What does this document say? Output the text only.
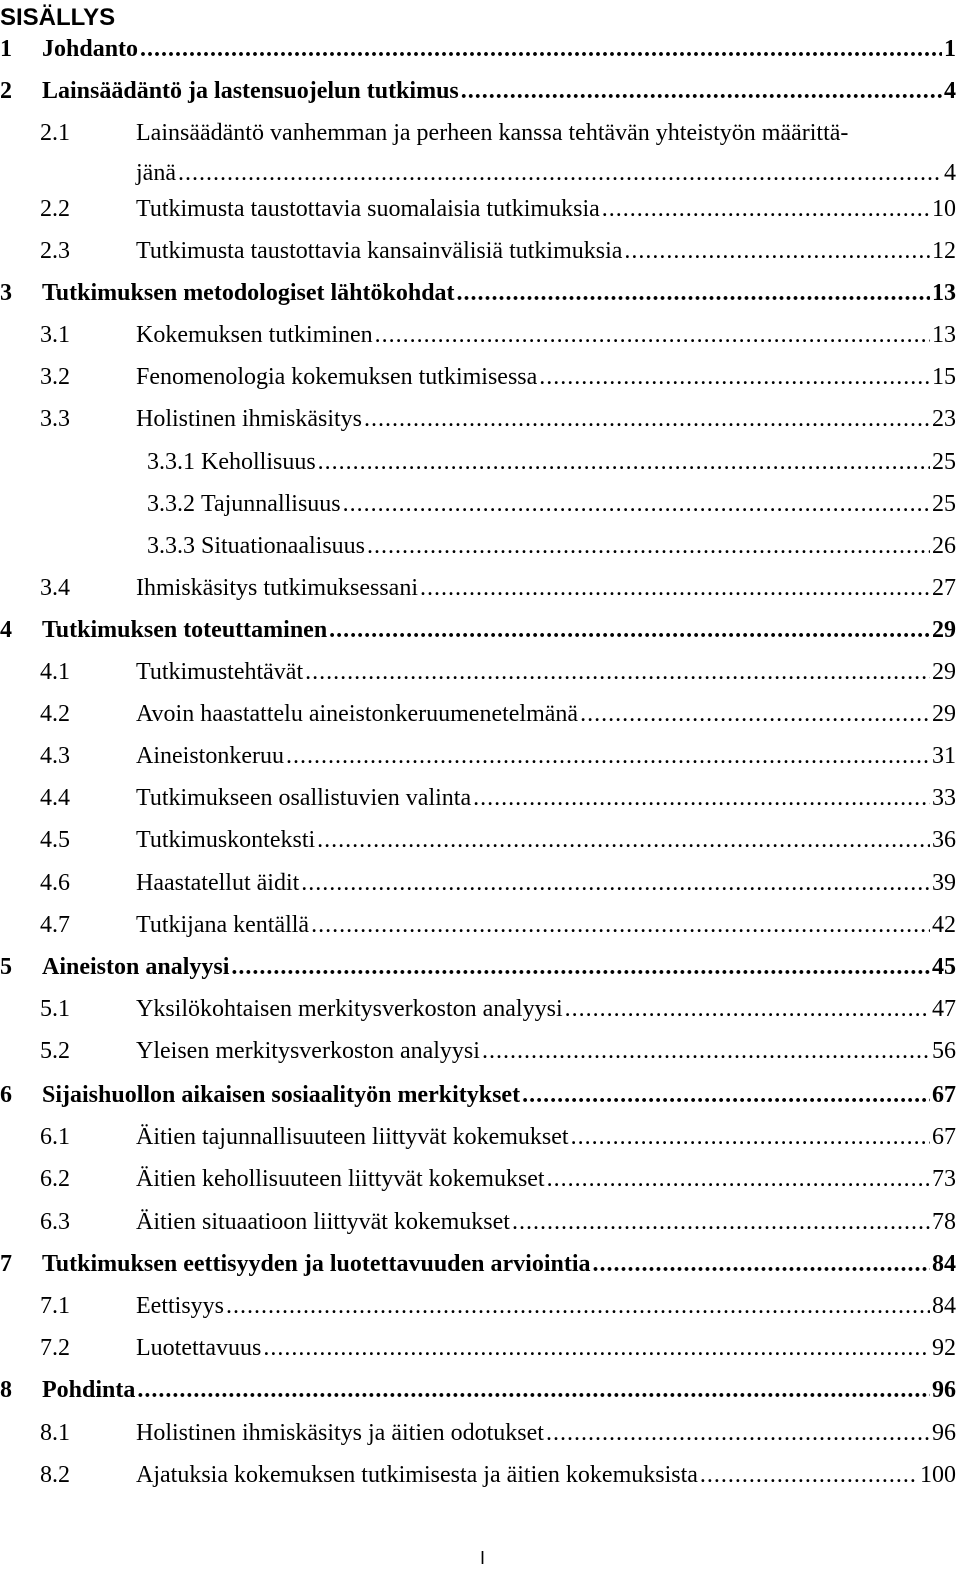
SISÄLLYS
1	Johdanto .....	1
2	Lainsäädäntö ja lastensuojelun tutkimus .....	4
2.1	Lainsäädäntö vanhemman ja perheen kanssa tehtävän yhteistyön määrittä-
jänä .....	4
2.2	Tutkimusta taustottavia suomalaisia tutkimuksia .....	10
2.3	Tutkimusta taustottavia kansainvälisiä tutkimuksia .....	12
3	Tutkimuksen metodologiset lähtökohdat .....	13
3.1	Kokemuksen tutkiminen .....	13
3.2	Fenomenologia kokemuksen tutkimisessa .....	15
3.3	Holistinen ihmiskäsitys .....	23
3.3.1 Kehollisuus .....	25
3.3.2 Tajunnallisuus .....	25
3.3.3 Situationaalisuus .....	26
3.4	Ihmiskäsitys tutkimuksessani .....	27
4	Tutkimuksen toteuttaminen .....	29
4.1	Tutkimustehtävät .....	29
4.2	Avoin haastattelu aineistonkeruumenetelmänä .....	29
4.3	Aineistonkeruu .....	31
4.4	Tutkimukseen osallistuvien valinta .....	33
4.5	Tutkimuskonteksti .....	36
4.6	Haastatellut äidit .....	39
4.7	Tutkijana kentällä .....	42
5	Aineiston analyysi .....	45
5.1	Yksilökohtaisen merkitysverkoston analyysi .....	47
5.2	Yleisen merkitysverkoston analyysi .....	56
6	Sijaishuollon aikaisen sosiaalityön merkitykset .....	67
6.1	Äitien tajunnallisuuteen liittyvät kokemukset .....	67
6.2	Äitien kehollisuuteen liittyvät kokemukset .....	73
6.3	Äitien situaatioon liittyvät kokemukset .....	78
7	Tutkimuksen eettisyyden ja luotettavuuden arviointia .....	84
7.1	Eettisyys .....	84
7.2	Luotettavuus .....	92
8	Pohdinta .....	96
8.1	Holistinen ihmiskäsitys ja äitien odotukset .....	96
8.2	Ajatuksia kokemuksen tutkimisesta ja äitien kokemuksista .....	100
I
